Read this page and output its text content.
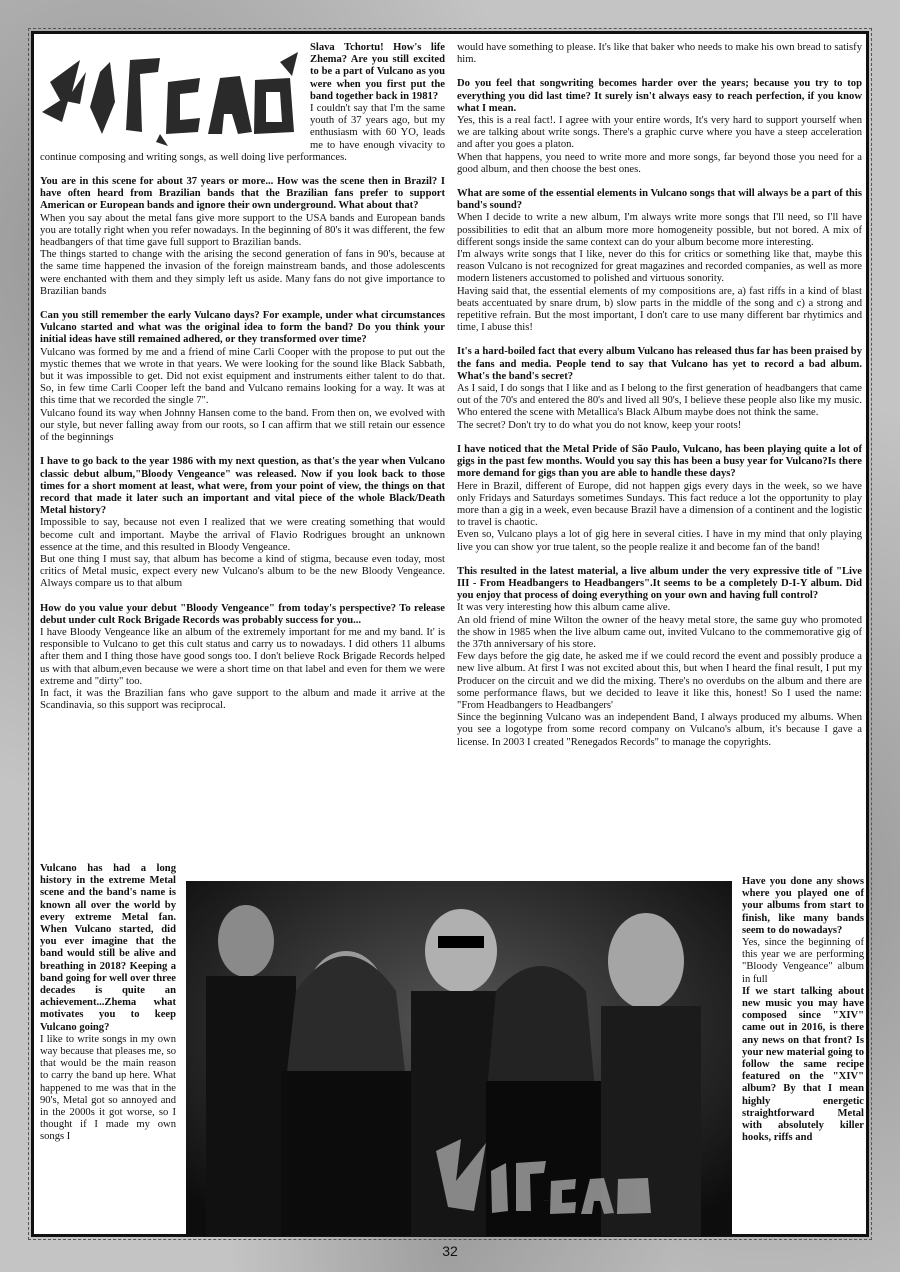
VULCANO

Slava Tchortu! How's life Zhema? Are you still excited to be a part of Vulcano as you were when you first put the band together back in 1981?

I couldn't say that I'm the same youth of 37 years ago, but my enthusiasm with 60 YO, leads me to have enough vivacity to continue composing and writing songs, as well doing live performances.

You are in this scene for about 37 years or more... How was the scene then in Brazil? I have often heard from Brazilian bands that the Brazilian fans prefer to support American or European bands and ignore their own underground. What about that?

When you say about the metal fans give more support to the USA bands and European bands you are totally right when you refer nowadays. In the beginning of 80's it was different, the few headbangers of that time gave full support to Brazilian bands.

The things started to change with the arising the second generation of fans in 90's, because at the same time happened the invasion of the foreign mainstream bands, and those adolescents were enchanted with them and they simply left us aside. Many fans do not give importance to Brazilian bands

Can you still remember the early Vulcano days? For example, under what circumstances Vulcano started and what was the original idea to form the band? Do you think your initial ideas have still remained adhered, or they transformed over time?

Vulcano was formed by me and a friend of mine Carli Cooper with the propose to put out the mystic themes that we wrote in that years. We were looking for the sound like Black Sabbath, but it was impossible to get. Did not exist equipment and instruments either talent to do that. So, in few time Carli Cooper left the band and Vulcano remains looking for a way. It was at this time that we recorded the single 7".

Vulcano found its way when Johnny Hansen come to the band. From then on, we evolved with our style, but never falling away from our roots, so I can affirm that we still retain our essence of the beginnings

I have to go back to the year 1986 with my next question, as that's the year when Vulcano classic debut album,"Bloody Vengeance" was released. Now if you look back to those times for a short moment at least, what were, from your point of view, the things on that record that made it later such an important and vital piece of the whole Black/Death Metal history?

Impossible to say, because not even I realized that we were creating something that would become cult and important. Maybe the arrival of Flavio Rodrigues brought an unknown essence at the time, and this resulted in Bloody Vengeance.

But one thing I must say, that album has become a kind of stigma, because even today, most critics of Metal music, expect every new Vulcano's album to be the new Bloody Vengeance. Always compare us to that album

How do you value your debut "Bloody Vengeance" from today's perspective? To release debut under cult Rock Brigade Records was probably success for you...

I have Bloody Vengeance like an album of the extremely important for me and my band. It' is responsible to Vulcano to get this cult status and carry us to nowadays. I did others 11 albums after them and I thing those have good songs too. I don't believe Rock Brigade Records helped us with that album,even because we were a short time on that label and even for them we were extreme and "dirty" too.

In fact, it was the Brazilian fans who gave support to the album and made it arrive at the Scandinavia, so this support was reciprocal.

would have something to please. It's like that baker who needs to make his own bread to satisfy him.

Do you feel that songwriting becomes harder over the years; because you try to top everything you did last time? It surely isn't always easy to reach perfection, if you know what I mean.

Yes, this is a real fact!. I agree with your entire words, It's very hard to support yourself when we are talking about write songs. There's a graphic curve where you have a steep acceleration and after you goes a platon.

When that happens, you need to write more and more songs, far beyond those you need for a good album, and then choose the best ones.

What are some of the essential elements in Vulcano songs that will always be a part of this band's sound?

When I decide to write a new album, I'm always write more songs that I'll need, so I'll have possibilities to edit that an album more more homogeneity possible, but not bored. A mix of different songs inside the same context can do your album become more interesting.

I'm always write songs that I like, never do this for critics or something like that, maybe this reason Vulcano is not recognized for great magazines and recorded companies, as well as more modern listeners accustomed to polished and virtuous sonority.

Having said that, the essential elements of my compositions are, a) fast riffs in a kind of blast beats accentuated by snare drum, b) slow parts in the middle of the song and c) a strong and repetitive refrain. But the most important, I don't care to use many different bar rhytimics and time, I abuse this!

It's a hard-boiled fact that every album Vulcano has released thus far has been praised by the fans and media. People tend to say that Vulcano has yet to record a bad album. What's the band's secret?

As I said, I do songs that I like and as I belong to the first generation of headbangers that came out of the 70's and entered the 80's and lived all 90's, I believe these people also like my music. Who entered the scene with Metallica's Black Album maybe does not think the same.

The secret? Don't try to do what you do not know, keep your roots!

I have noticed that the Metal Pride of São Paulo, Vulcano, has been playing quite a lot of gigs in the past few months. Would you say this has been a busy year for Vulcano?Is there more demand for gigs than you are able to handle these days?

Here in Brazil, different of Europe, did not happen gigs every days in the week, so we have only Fridays and Saturdays sometimes Sundays. This fact reduce a lot the opportunity to play more than a gig in a week, even because Brazil have a dimension of a continent and the logistic to travel is chaotic.

Even so, Vulcano plays a lot of gig here in several cities. I have in my mind that only playing live you can show yor true talent, so the people realize it and become fan of the band!

This resulted in the latest material, a live album under the very expressive title of "Live III - From Headbangers to Headbangers".It seems to be a completely D-I-Y album. Did you enjoy that process of doing everything on your own and having full control?

It was very interesting how this album came alive.

An old friend of mine Wilton the owner of the heavy metal store, the same guy who promoted the show in 1985 when the live album came out, invited Vulcano to the commemorative gig of the 37th anniversary of his store.

Few days before the gig date, he asked me if we could record the event and possibly produce a new live album. At first I was not excited about this, but when I heard the final result, I put my Producer on the circuit and we did the mixing. There's no overdubs on the album and there are some performance flaws, but we decided to leave it like this, honest! So I used the name: "From Headbangers to Headbangers'

Since the beginning Vulcano was an independent Band, I always produced my albums. When you see a logotype from some record company on Vulcano's album, it's because I gave a license. In 2003 I created "Renegados Records" to manage the copyrights.

Vulcano has had a long history in the extreme Metal scene and the band's name is known all over the world by every extreme Metal fan. When Vulcano started, did you ever imagine that the band would still be alive and breathing in 2018? Keeping a band going for well over three decades is quite an achievement...Zhema what motivates you to keep Vulcano going?

I like to write songs in my own way because that pleases me, so that would be the main reason to carry the band up here. What happened to me was that in the 90's, Metal got so annoyed and in the 2000s it got worse, so I thought if I made my own songs I

VULCANO

Have you done any shows where you played one of your albums from start to finish, like many bands seem to do nowadays?

Yes, since the beginning of this year we are performing "Bloody Vengeance" album in full

If we start talking about new music you may have composed since "XIV" came out in 2016, is there any news on that front? Is your new material going to follow the same recipe featured on the "XIV" album? By that I mean highly energetic straightforward Metal with absolutely killer hooks, riffs and

32
